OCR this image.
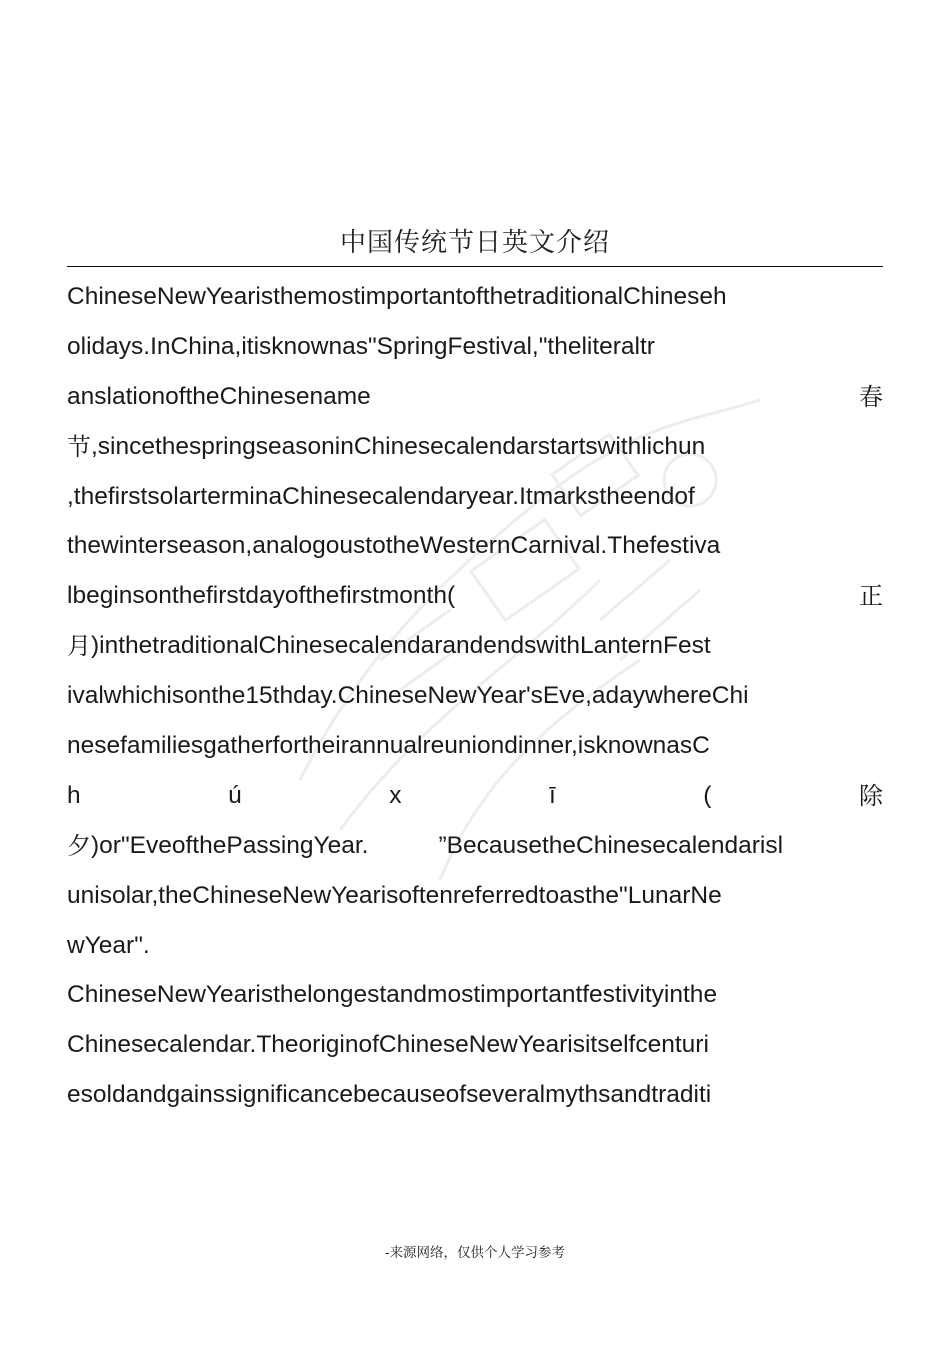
中国传统节日英文介绍
ChineseNewYearisthemostimportantofthetraditionalChineseh
olidays.InChina,itisknownas"SpringFestival,"theliteraltr
anslationoftheChinesename	春
节 ,sincethespringseasoninChinesecalendarstartswithlichun
,thefirstsolarterminaChinesecalendaryear.Itmarkstheendof
thewinterseason,analogoustotheWesternCarnival.Thefestiva
lbeginsonthefirstdayofthefirstmonth(	正
月 )inthetraditionalChinesecalendarandendswithLanternFest
ivalwhichisonthe15thday.ChineseNewYear'sEve,adaywhereChi
nesefamiliesgatherfortheirannualreuniondinner,isknownasC
h	ú	x	ī	(	除
夕 )or"EveofthePassingYear.	”BecausetheChinesecalendarisl
unisolar,theChineseNewYearisoftenreferredtoasthe"LunarNe
wYear".
ChineseNewYearisthelongestandmostimportantfestivityinthe
Chinesecalendar.TheoriginofChineseNewYearisitselfcenturi
esoldandgainssignificancebecauseofseveralmythsandtraditi
-来源网络，仅供个人学习参考
